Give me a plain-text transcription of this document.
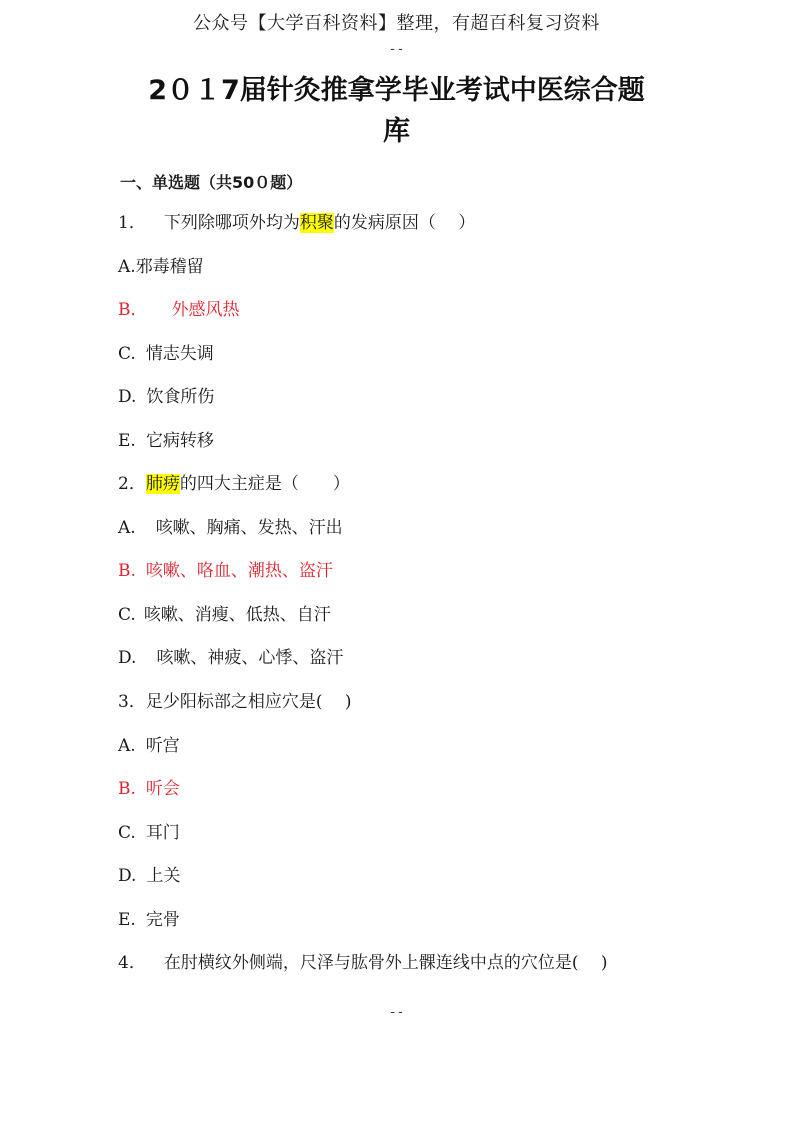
公众号【大学百科资料】整理，有超百科复习资料
--
2０１7届针灸推拿学毕业考试中医综合题
库
一、单选题（共50０题）
1． 下列除哪项外均为积聚的发病原因（　 ）
A.邪毒稽留
B． 外感风热
C. 情志失调
D. 饮食所伤
E. 它病转移
2．肺痨的四大主症是（　　）
A. 咳嗽、胸痛、发热、汗出
B. 咳嗽、咯血、潮热、盗汗
C. 咳嗽、消瘦、低热、自汗
D. 咳嗽、神疲、心悸、盗汗
3．足少阳标部之相应穴是(　 )
A. 听宫
B. 听会
C. 耳门
D. 上关
E. 完骨
4． 在肘横纹外侧端，尺泽与肱骨外上髁连线中点的穴位是(　 )
--
